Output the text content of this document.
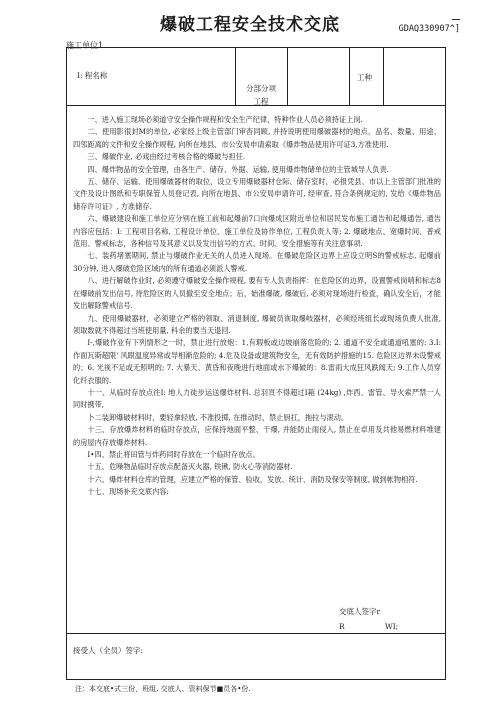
爆破工程安全技术交底	GDAQ330907^]
施工单位1
I: 程名称
分部分项工程
工种

一、进入施工现场必须道守安全操作规程和安全生产纪律，特种作业人员必须持证上岗.

二、使用影很封M的单位, 必家经上级主管部门审杳同顾, 并持说明使用爆破器材的地点、品名、数量、用途、四邻距离的文件和安全操作规程, 向所在地县、市公安局申请索取《爆炸物品使用许可证3,方准使用.

三、爆破作业, 必戏由经过考核合格的爆破与担任.

四、爆炸物品的安全管理，由各生产、储存、外据、运输, 使用爆炸物储单位的主管城导人负责.

五、储存、运输、使用爆破器材的取位，设立专用爆破器材仓际、储存室时，必报凭县、市以上主管部门批准的文件及设计图纸和专职保管人员登记表, 向所在地县、市公安局申请许可, 经审查, 符合条例规定的, 发给《爆炸物品储存许可证》, 方准储存.

六、爆破建设和施工单位应分别在施工前和起爆前7口向爆成区附近单位和居民发布施工通告和起爆通告, 通告内容应包括：I: 工程项目名称, 工程设计单位、施工单位及协作单位, 工程负责人等; 2. 爆破地点、宽爆时间、普戒范用、警戒标志，各种信号及其意义以及发出信号的方式、时间、安全措施等有关注意事项.

七、装药堵塞期间, 禁止与爆破作业无关的人员进入现场。在爆破危险区边界上应设立明S的警戒标志, 起爆前30分钟, 进入爆破危险区域内的所有通道必须派人警戒.

八、进行解破作业时, 必须遵守爆破安全操作规程, 要有专人负责指挥：在危险区的边界，设置警戒岗哨和标志8在爆破前发出信号, 待危险区的人员撤至安全地点；后，始准爆破, 爆破后, 必须对现场进行检査，确认安全后，才能发出解除警戒信号.

九、使用爆破器材，必须建立严格的领取、消退制度, 爆破员诙取爆岐器材，必须经班组长或现场负费人批准, 领取数就不得超过当班使用量, 科余的要当天退回.

I-,爆破作业有下列情形之一时，禁止进行放炮：1,有瑕板或边坡崩落危险的; 2. 通道不安全或通道吼塞的: 3.I: 作面瓦斯超限' 风眼温度异常或导相渐危险的; 4.危及设备或建筑物安全，无有效防护措施的15. 危险区边界未设警戒的；6. 光视不足或无照明的; 7. 大暴天、黄昏和夜晚进行地面或水下爆破的：8.雷雨大成狂风跌阀天; 9.工作人员穿化纤衣服的.

十一、从临时存放点往I: 地人力徒步运送爆炸材料. 总羽頁不得超过I箱 (24kg) ,炸西、雷管、导火索严禁一人同时携带,

卜二装卸爆破材料时，要轻拿轻放, 不准投掷, 在推动时，禁止厨扛，拖拉与滚动。

十三、存放爆炸材料的临时存放点，应保持地面平整、干爆, 并能防止雨侵入, 禁止在卓用及共他易燃材料堆建的房屋内存放爆炸材料.

I•四、禁止将田管与炸药同时存放在一个临时存放点。

十五、危噪物品临时存放点配备灭火器, 铁锹, 防火心等消防器材.

十六、爆炸材料仓库的管理，应建立严格的保管、验收，发放、统计、消防及保安等制度, 做到帐物相符.

十七、现场补充交底内容:

交底人签字r
R	WI;
接受人（全员）签字:
注：本交底•式三份，班组, 交底人、资料保节■员各•份.
